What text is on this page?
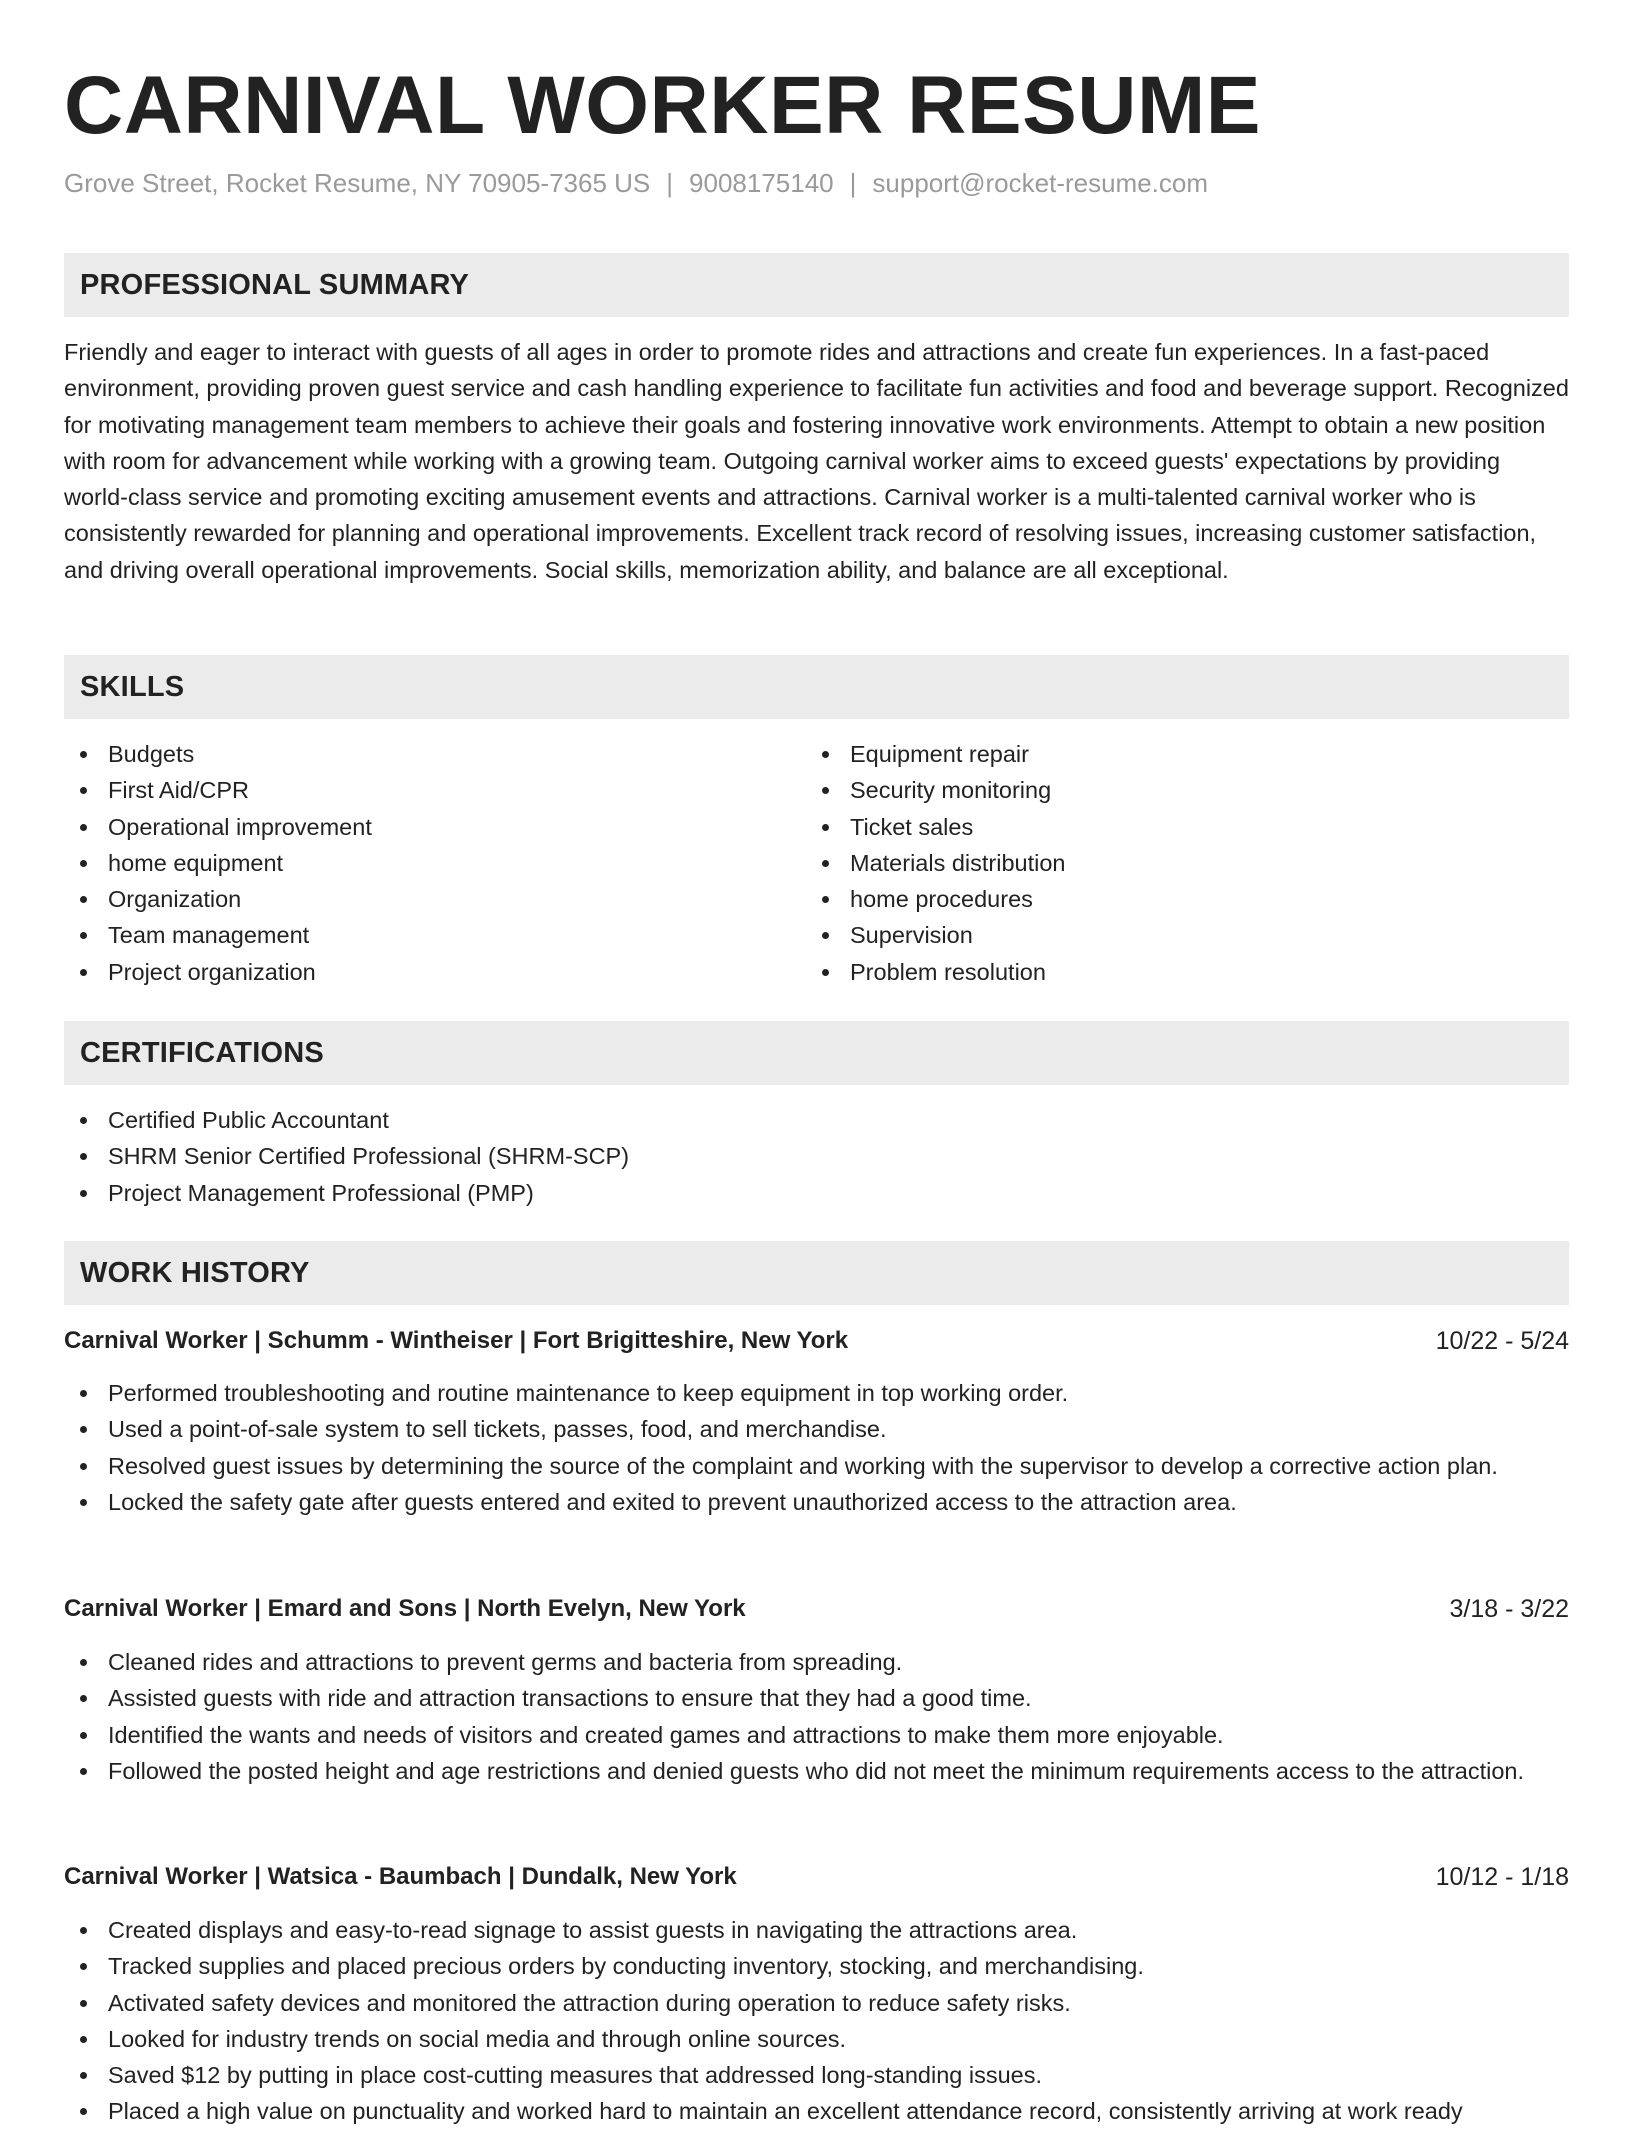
CARNIVAL WORKER RESUME
Grove Street, Rocket Resume, NY 70905-7365 US | 9008175140 | support@rocket-resume.com
PROFESSIONAL SUMMARY

Friendly and eager to interact with guests of all ages in order to promote rides and attractions and create fun experiences. In a fast-paced environment, providing proven guest service and cash handling experience to facilitate fun activities and food and beverage support. Recognized for motivating management team members to achieve their goals and fostering innovative work environments. Attempt to obtain a new position with room for advancement while working with a growing team. Outgoing carnival worker aims to exceed guests' expectations by providing world-class service and promoting exciting amusement events and attractions. Carnival worker is a multi-talented carnival worker who is consistently rewarded for planning and operational improvements. Excellent track record of resolving issues, increasing customer satisfaction, and driving overall operational improvements. Social skills, memorization ability, and balance are all exceptional.

SKILLS
Budgets
First Aid/CPR
Operational improvement
home equipment
Organization
Team management
Project organization
Equipment repair
Security monitoring
Ticket sales
Materials distribution
home procedures
Supervision
Problem resolution
CERTIFICATIONS
Certified Public Accountant
SHRM Senior Certified Professional (SHRM-SCP)
Project Management Professional (PMP)
WORK HISTORY
Carnival Worker | Schumm - Wintheiser | Fort Brigitteshire, New York	10/22 - 5/24
Performed troubleshooting and routine maintenance to keep equipment in top working order.
Used a point-of-sale system to sell tickets, passes, food, and merchandise.
Resolved guest issues by determining the source of the complaint and working with the supervisor to develop a corrective action plan.
Locked the safety gate after guests entered and exited to prevent unauthorized access to the attraction area.
Carnival Worker | Emard and Sons | North Evelyn, New York	3/18 - 3/22
Cleaned rides and attractions to prevent germs and bacteria from spreading.
Assisted guests with ride and attraction transactions to ensure that they had a good time.
Identified the wants and needs of visitors and created games and attractions to make them more enjoyable.
Followed the posted height and age restrictions and denied guests who did not meet the minimum requirements access to the attraction.
Carnival Worker | Watsica - Baumbach | Dundalk, New York	10/12 - 1/18
Created displays and easy-to-read signage to assist guests in navigating the attractions area.
Tracked supplies and placed precious orders by conducting inventory, stocking, and merchandising.
Activated safety devices and monitored the attraction during operation to reduce safety risks.
Looked for industry trends on social media and through online sources.
Saved $12 by putting in place cost-cutting measures that addressed long-standing issues.
Placed a high value on punctuality and worked hard to maintain an excellent attendance record, consistently arriving at work ready
